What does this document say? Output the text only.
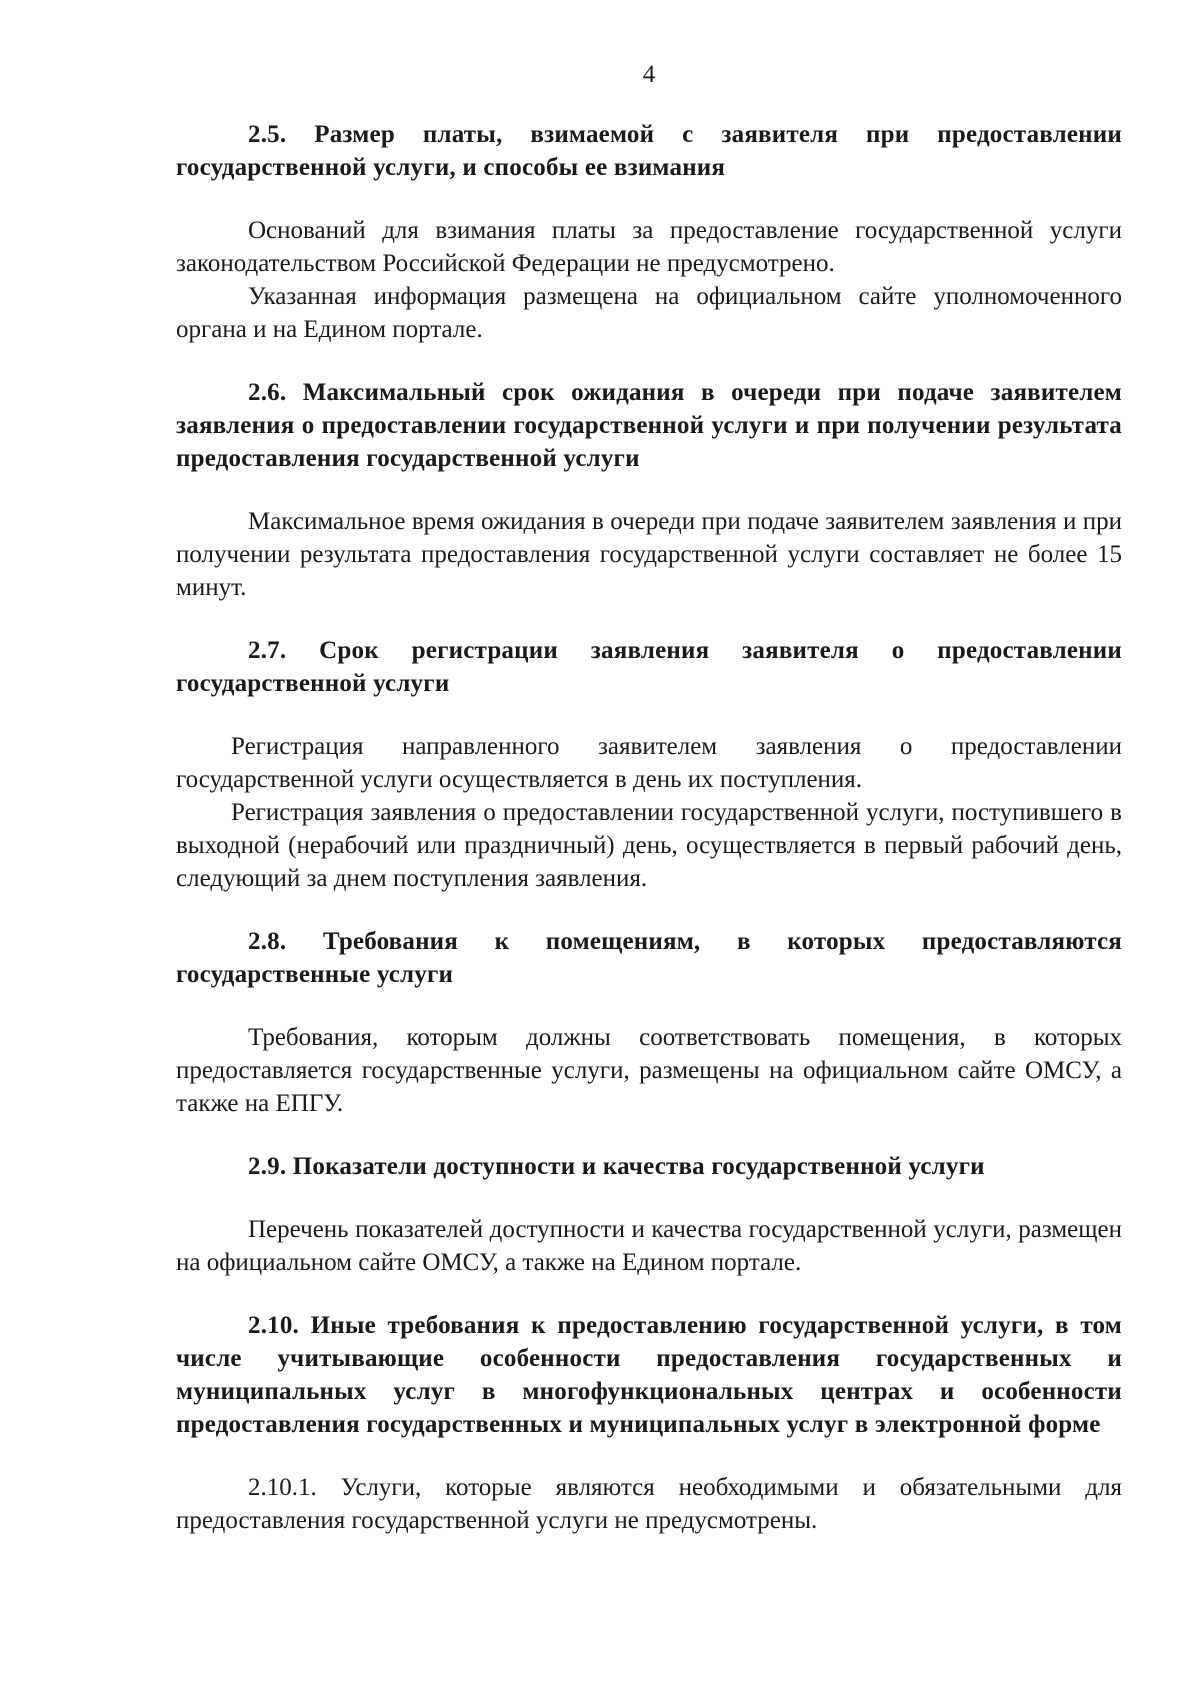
4

2.5. Размер платы, взимаемой с заявителя при предоставлении государственной услуги, и способы ее взимания

Оснований для взимания платы за предоставление государственной услуги законодательством Российской Федерации не предусмотрено.

Указанная информация размещена на официальном сайте уполномоченного органа и на Едином портале.

2.6. Максимальный срок ожидания в очереди при подаче заявителем заявления о предоставлении государственной услуги и при получении результата предоставления государственной услуги

Максимальное время ожидания в очереди при подаче заявителем заявления и при получении результата предоставления государственной услуги составляет не более 15 минут.

2.7. Срок регистрации заявления заявителя о предоставлении государственной услуги

Регистрация направленного заявителем заявления о предоставлении государственной услуги осуществляется в день их поступления.

Регистрация заявления о предоставлении государственной услуги, поступившего в выходной (нерабочий или праздничный) день, осуществляется в первый рабочий день, следующий за днем поступления заявления.

2.8. Требования к помещениям, в которых предоставляются государственные услуги

Требования, которым должны соответствовать помещения, в которых предоставляется государственные услуги, размещены на официальном сайте ОМСУ, а также на ЕПГУ.

2.9. Показатели доступности и качества государственной услуги

Перечень показателей доступности и качества государственной услуги, размещен на официальном сайте ОМСУ, а также на Едином портале.

2.10. Иные требования к предоставлению государственной услуги, в том числе учитывающие особенности предоставления государственных и муниципальных услуг в многофункциональных центрах и особенности предоставления государственных и муниципальных услуг в электронной форме

2.10.1. Услуги, которые являются необходимыми и обязательными для предоставления государственной услуги не предусмотрены.
